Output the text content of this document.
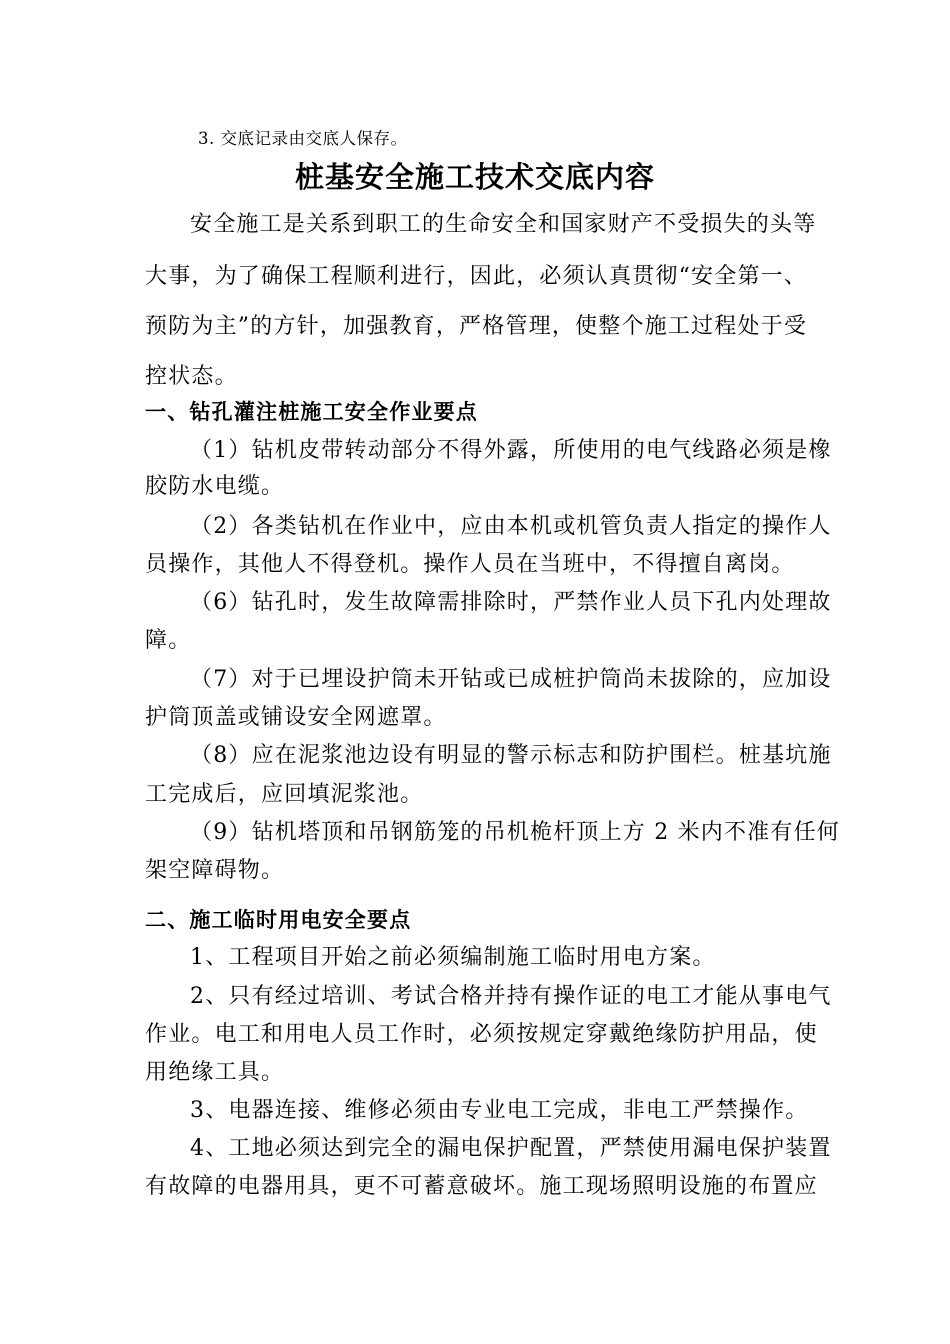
3. 交底记录由交底人保存。
桩基安全施工技术交底内容
安全施工是关系到职工的生命安全和国家财产不受损失的头等
大事，为了确保工程顺利进行，因此，必须认真贯彻“安全第一、
预防为主”的方针，加强教育，严格管理，使整个施工过程处于受
控状态。
一、钻孔灌注桩施工安全作业要点
（1）钻机皮带转动部分不得外露，所使用的电气线路必须是橡
胶防水电缆。
（2）各类钻机在作业中，应由本机或机管负责人指定的操作人
员操作，其他人不得登机。操作人员在当班中，不得擅自离岗。
（6）钻孔时，发生故障需排除时，严禁作业人员下孔内处理故
障。
（7）对于已埋设护筒未开钻或已成桩护筒尚未拔除的，应加设
护筒顶盖或铺设安全网遮罩。
（8）应在泥浆池边设有明显的警示标志和防护围栏。桩基坑施
工完成后，应回填泥浆池。
（9）钻机塔顶和吊钢筋笼的吊机桅杆顶上方 2 米内不准有任何
架空障碍物。
二、施工临时用电安全要点
1、工程项目开始之前必须编制施工临时用电方案。
2、只有经过培训、考试合格并持有操作证的电工才能从事电气
作业。电工和用电人员工作时，必须按规定穿戴绝缘防护用品，使
用绝缘工具。
3、电器连接、维修必须由专业电工完成，非电工严禁操作。
4、工地必须达到完全的漏电保护配置，严禁使用漏电保护装置
有故障的电器用具，更不可蓄意破坏。施工现场照明设施的布置应
